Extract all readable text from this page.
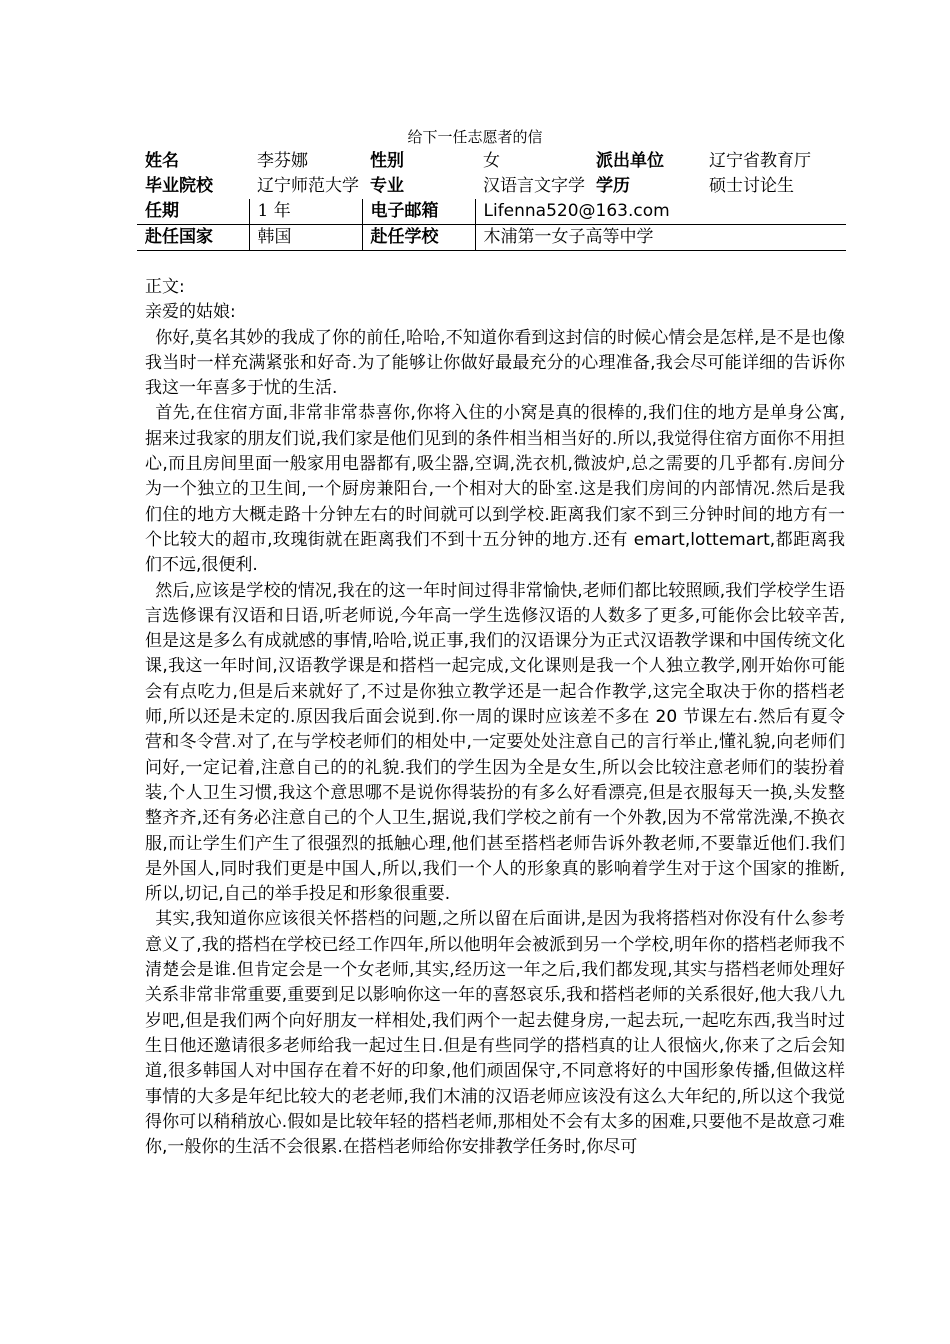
给下一任志愿者的信
姓名	李芬娜	性别	女	派出单位	辽宁省教育厅
毕业院校	辽宁师范大学	专业	汉语言文字学	学历	硕士讨论生
任期	1 年	电子邮箱	Lifenna520@163.com		
赴任国家	韩国	赴任学校	木浦第一女子高等中学		

正文:

亲爱的姑娘:

你好,莫名其妙的我成了你的前任,哈哈,不知道你看到这封信的时候心情会是怎样,是不是也像我当时一样充满紧张和好奇.为了能够让你做好最最充分的心理准备,我会尽可能详细的告诉你我这一年喜多于忧的生活.

首先,在住宿方面,非常非常恭喜你,你将入住的小窝是真的很棒的,我们住的地方是单身公寓,据来过我家的朋友们说,我们家是他们见到的条件相当相当好的.所以,我觉得住宿方面你不用担心,而且房间里面一般家用电器都有,吸尘器,空调,洗衣机,微波炉,总之需要的几乎都有.房间分为一个独立的卫生间,一个厨房兼阳台,一个相对大的卧室.这是我们房间的内部情况.然后是我们住的地方大概走路十分钟左右的时间就可以到学校.距离我们家不到三分钟时间的地方有一个比较大的超市,玫瑰街就在距离我们不到十五分钟的地方.还有 emart,lottemart,都距离我们不远,很便利.

然后,应该是学校的情况,我在的这一年时间过得非常愉快,老师们都比较照顾,我们学校学生语言选修课有汉语和日语,听老师说,今年高一学生选修汉语的人数多了更多,可能你会比较辛苦,但是这是多么有成就感的事情,哈哈,说正事,我们的汉语课分为正式汉语教学课和中国传统文化课,我这一年时间,汉语教学课是和搭档一起完成,文化课则是我一个人独立教学,刚开始你可能会有点吃力,但是后来就好了,不过是你独立教学还是一起合作教学,这完全取决于你的搭档老师,所以还是未定的.原因我后面会说到.你一周的课时应该差不多在 20 节课左右.然后有夏令营和冬令营.对了,在与学校老师们的相处中,一定要处处注意自己的言行举止,懂礼貌,向老师们问好,一定记着,注意自己的的礼貌.我们的学生因为全是女生,所以会比较注意老师们的装扮着装,个人卫生习惯,我这个意思哪不是说你得装扮的有多么好看漂亮,但是衣服每天一换,头发整整齐齐,还有务必注意自己的个人卫生,据说,我们学校之前有一个外教,因为不常常洗澡,不换衣服,而让学生们产生了很强烈的抵触心理,他们甚至搭档老师告诉外教老师,不要靠近他们.我们是外国人,同时我们更是中国人,所以,我们一个人的形象真的影响着学生对于这个国家的推断,所以,切记,自己的举手投足和形象很重要.

其实,我知道你应该很关怀搭档的问题,之所以留在后面讲,是因为我将搭档对你没有什么参考意义了,我的搭档在学校已经工作四年,所以他明年会被派到另一个学校,明年你的搭档老师我不清楚会是谁.但肯定会是一个女老师,其实,经历这一年之后,我们都发现,其实与搭档老师处理好关系非常非常重要,重要到足以影响你这一年的喜怒哀乐,我和搭档老师的关系很好,他大我八九岁吧,但是我们两个向好朋友一样相处,我们两个一起去健身房,一起去玩,一起吃东西,我当时过生日他还邀请很多老师给我一起过生日.但是有些同学的搭档真的让人很恼火,你来了之后会知道,很多韩国人对中国存在着不好的印象,他们顽固保守,不同意将好的中国形象传播,但做这样事情的大多是年纪比较大的老老师,我们木浦的汉语老师应该没有这么大年纪的,所以这个我觉得你可以稍稍放心.假如是比较年轻的搭档老师,那相处不会有太多的困难,只要他不是故意刁难你,一般你的生活不会很累.在搭档老师给你安排教学任务时,你尽可
